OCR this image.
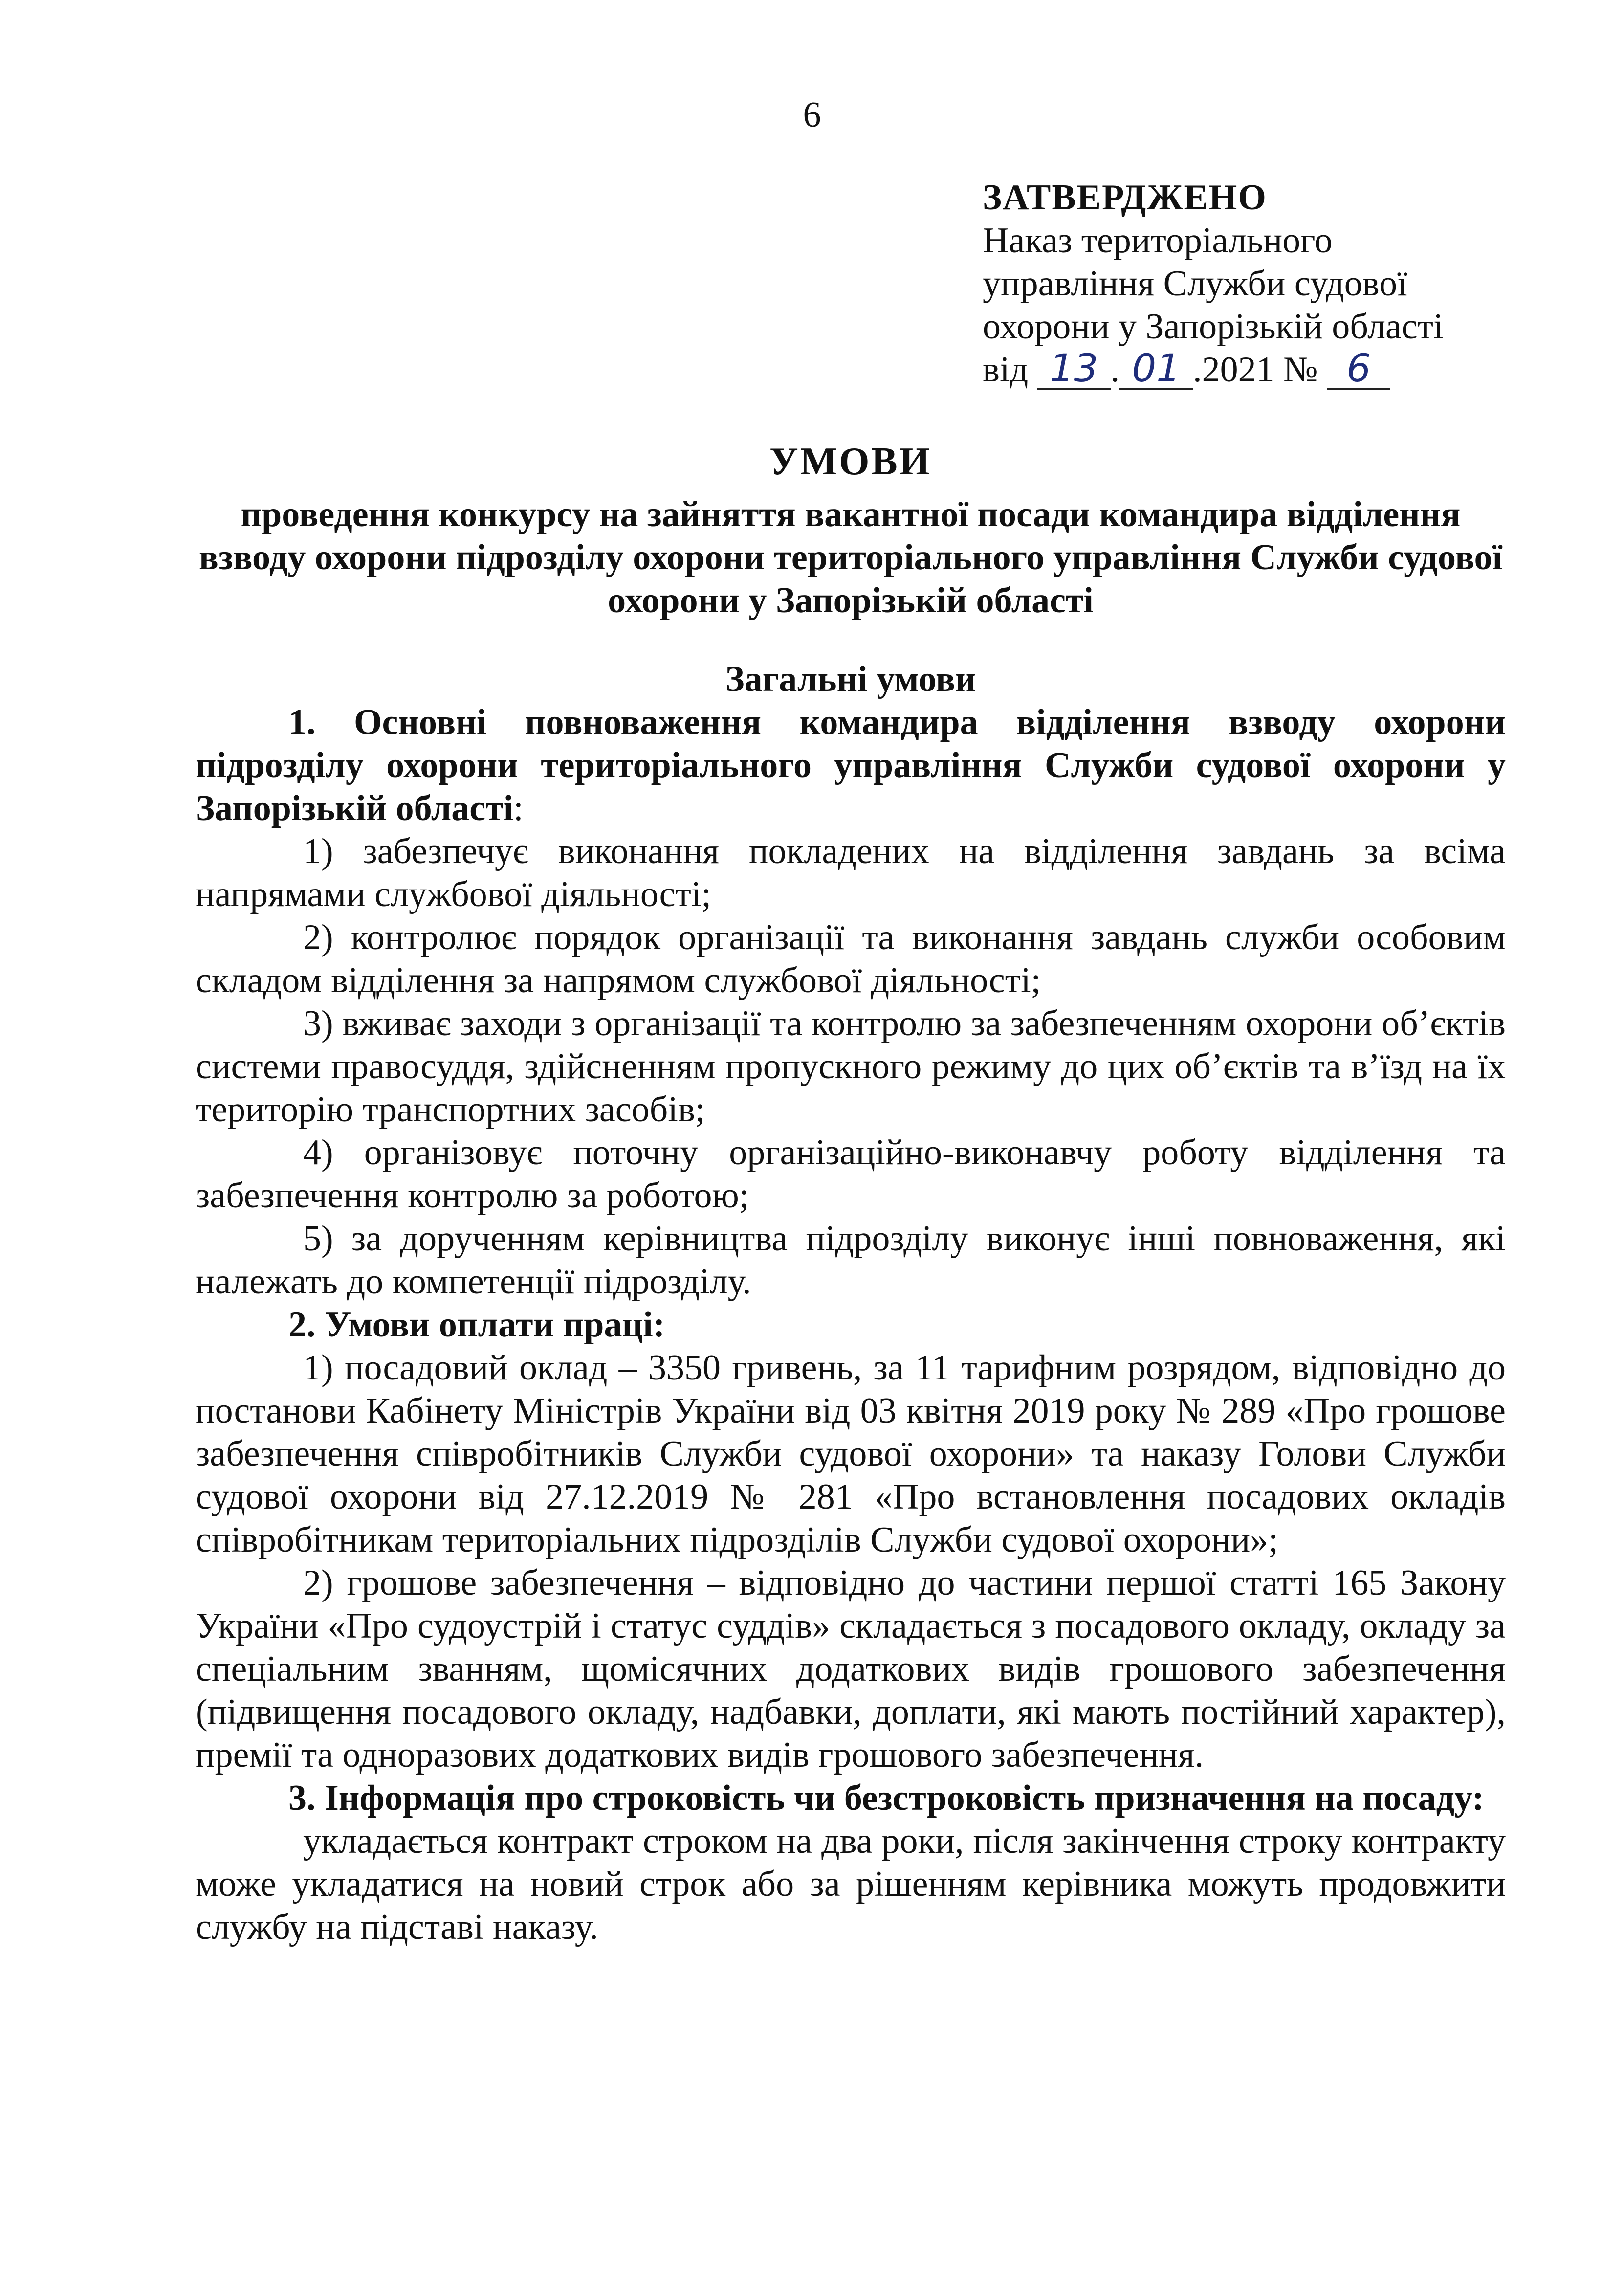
6
ЗАТВЕРДЖЕНО
Наказ територіального
управління Служби судової
охорони у Запорізькій області
від 13 . 01 .2021 № 6
УМОВИ
проведення конкурсу на зайняття вакантної посади командира відділення взводу охорони підрозділу охорони територіального управління Служби судової охорони у Запорізькій області

Загальні умови

1. Основні повноваження командира відділення взводу охорони підрозділу охорони територіального управління Служби судової охорони у Запорізькій області:

1) забезпечує виконання покладених на відділення завдань за всіма напрямами службової діяльності;

2) контролює порядок організації та виконання завдань служби особовим складом відділення за напрямом службової діяльності;

3) вживає заходи з організації та контролю за забезпеченням охорони об’єктів системи правосуддя, здійсненням пропускного режиму до цих об’єктів та в’їзд на їх територію транспортних засобів;

4) організовує поточну організаційно-виконавчу роботу відділення та забезпечення контролю за роботою;

5) за дорученням керівництва підрозділу виконує інші повноваження, які належать до компетенції підрозділу.

2. Умови оплати праці:

1) посадовий оклад – 3350 гривень, за 11 тарифним розрядом, відповідно до постанови Кабінету Міністрів України від 03 квітня 2019 року № 289 «Про грошове забезпечення співробітників Служби судової охорони» та наказу Голови Служби судової охорони від 27.12.2019 № 281 «Про встановлення посадових окладів співробітникам територіальних підрозділів Служби судової охорони»;

2) грошове забезпечення – відповідно до частини першої статті 165 Закону України «Про судоустрій і статус суддів» складається з посадового окладу, окладу за спеціальним званням, щомісячних додаткових видів грошового забезпечення (підвищення посадового окладу, надбавки, доплати, які мають постійний характер), премії та одноразових додаткових видів грошового забезпечення.

3. Інформація про строковість чи безстроковість призначення на посаду:

укладається контракт строком на два роки, після закінчення строку контракту може укладатися на новий строк або за рішенням керівника можуть продовжити службу на підставі наказу.
